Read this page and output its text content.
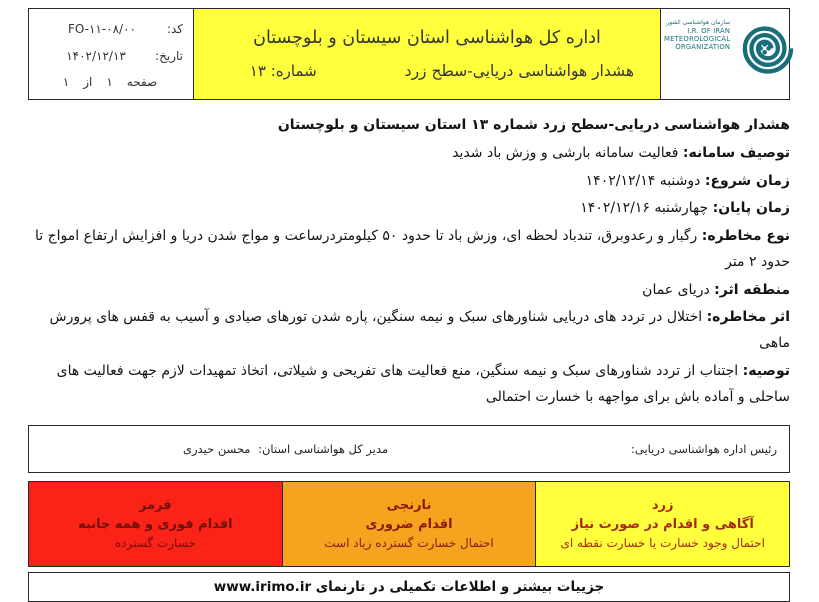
کد:
FO-۱۱-۰۸/۰۰
تاریخ:
۱۴۰۲/۱۲/۱۳
صفحه
۱
از
۱
اداره کل هواشناسی استان سیستان و بلوچستان
هشدار هواشناسی دریایی-سطح زرد
شماره: ۱۳
سازمان هواشناسی کشور
I.R. OF IRAN
METEOROLOGICAL
ORGANIZATION

هشدار هواشناسی دریایی-سطح زرد شماره ۱۳ استان سیستان و بلوچستان

توصیف سامانه: فعالیت سامانه بارشی و وزش باد شدید

زمان شروع: دوشنبه ۱۴۰۲/۱۲/۱۴

زمان پایان: چهارشنبه ۱۴۰۲/۱۲/۱۶

نوع مخاطره: رگبار و رعدوبرق، تندباد لحظه ای، وزش باد تا حدود ۵۰ کیلومتردرساعت و مواج شدن دریا و افزایش ارتفاع امواج تا حدود ۲ متر

منطقه اثر: دریای عمان

اثر مخاطره: اختلال در تردد های دریایی شناورهای سبک و نیمه سنگین، پاره شدن تورهای صیادی و آسیب به قفس های پرورش ماهی

توصیه: اجتناب از تردد شناورهای سبک و نیمه سنگین، منع فعالیت های تفریحی و شیلاتی، اتخاذ تمهیدات لازم جهت فعالیت های ساحلی و آماده باش برای مواجهه با خسارت احتمالی

رئیس اداره هواشناسی دریایی:
مدیر کل هواشناسی استان: محسن حیدری
قرمز
اقدام فوری و همه جانبه
خسارت گسترده
نارنجی
اقدام ضروری
احتمال خسارت گسترده زیاد است
زرد
آگاهی و اقدام در صورت نیاز
احتمال وجود خسارت یا خسارت نقطه ای
جزییات بیشتر و اطلاعات تکمیلی در تارنمای www.irimo.ir
